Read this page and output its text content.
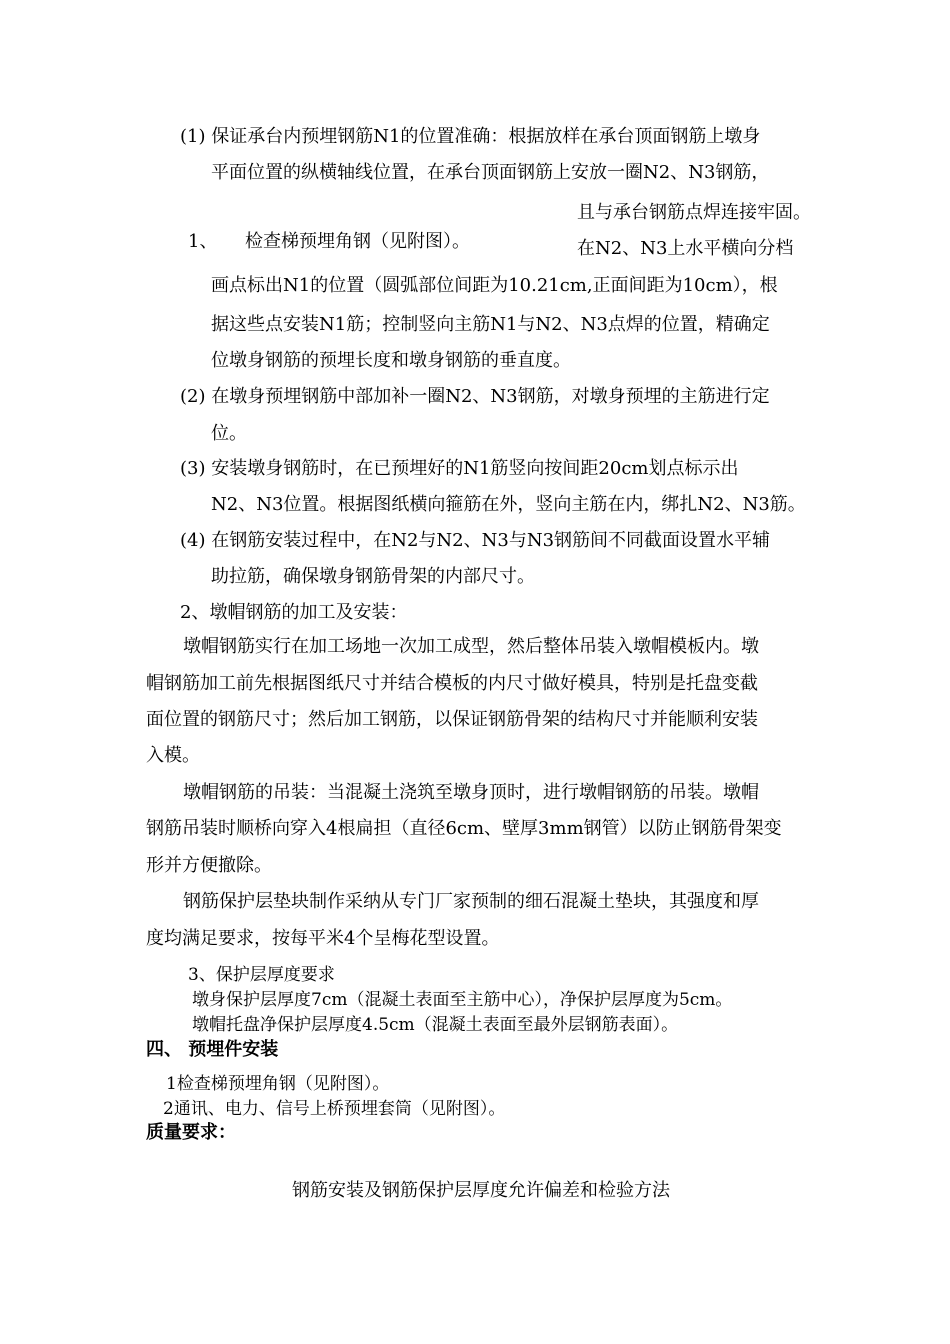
(1) 保证承台内预埋钢筋N1的位置准确：根据放样在承台顶面钢筋上墩身
平面位置的纵横轴线位置，在承台顶面钢筋上安放一圈N2、N3钢筋，
且与承台钢筋点焊连接牢固。
1、 检查梯预埋角钢（见附图）。	在N2、N3上水平横向分档
画点标出N1的位置（圆弧部位间距为10.21cm,正面间距为10cm），根
据这些点安装N1筋；控制竖向主筋N1与N2、N3点焊的位置，精确定
位墩身钢筋的预埋长度和墩身钢筋的垂直度。
(2) 在墩身预埋钢筋中部加补一圈N2、N3钢筋，对墩身预埋的主筋进行定
位。
(3) 安装墩身钢筋时，在已预埋好的N1筋竖向按间距20cm划点标示出
N2、N3位置。根据图纸横向箍筋在外，竖向主筋在内，绑扎N2、N3筋。
(4) 在钢筋安装过程中，在N2与N2、N3与N3钢筋间不同截面设置水平辅
助拉筋，确保墩身钢筋骨架的内部尺寸。
2、墩帽钢筋的加工及安装：
墩帽钢筋实行在加工场地一次加工成型，然后整体吊装入墩帽模板内。墩
帽钢筋加工前先根据图纸尺寸并结合模板的内尺寸做好模具，特别是托盘变截
面位置的钢筋尺寸；然后加工钢筋，以保证钢筋骨架的结构尺寸并能顺利安装
入模。
墩帽钢筋的吊装：当混凝土浇筑至墩身顶时，进行墩帽钢筋的吊装。墩帽
钢筋吊装时顺桥向穿入4根扁担（直径6cm、壁厚3mm钢管）以防止钢筋骨架变
形并方便撤除。
钢筋保护层垫块制作采纳从专门厂家预制的细石混凝土垫块，其强度和厚
度均满足要求，按每平米4个呈梅花型设置。
3、保护层厚度要求
墩身保护层厚度7cm（混凝土表面至主筋中心），净保护层厚度为5cm。
墩帽托盘净保护层厚度4.5cm（混凝土表面至最外层钢筋表面）。
四、 预埋件安装
1检查梯预埋角钢（见附图）。
2通讯、电力、信号上桥预埋套筒（见附图）。
质量要求：
钢筋安装及钢筋保护层厚度允许偏差和检验方法
